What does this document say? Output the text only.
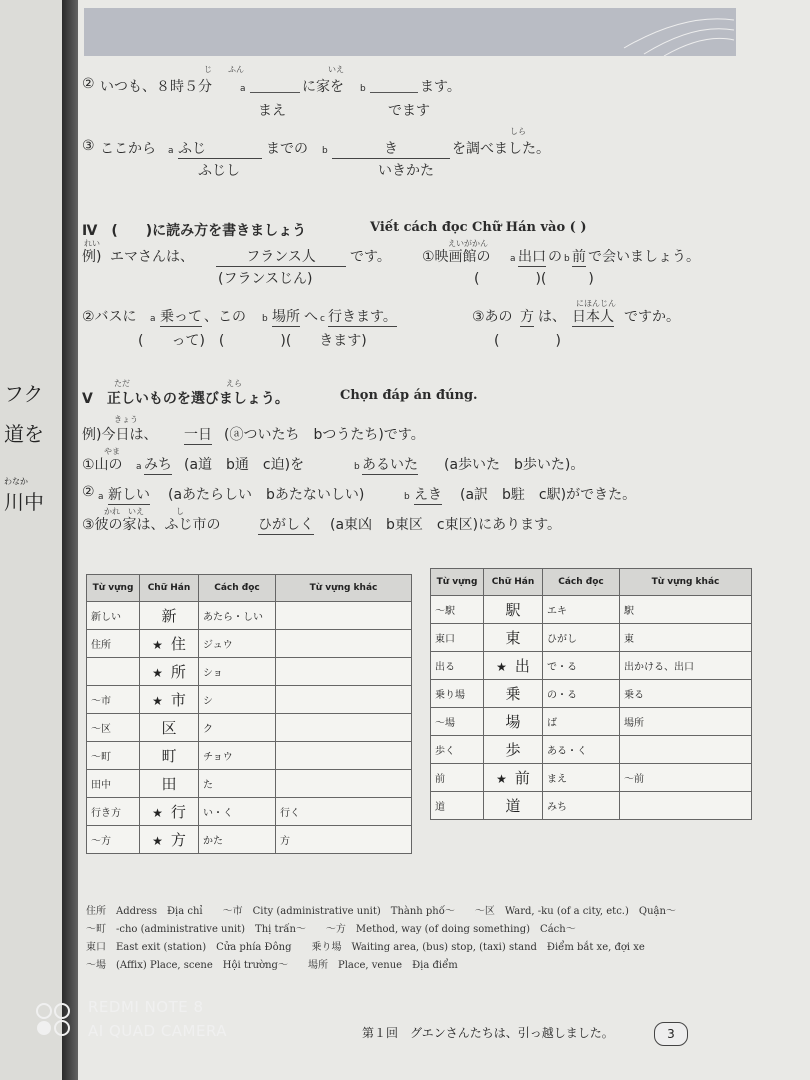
フク
道を
わなか
川中
じ ふん	いえ
② いつも、８時５分	a	に家を b	ます。
まえ	でます
しら
③ ここから a ふじ	までの b	き	を調べました。
ふじし	いきかた
Ⅳ　(　　)に読み方を書きましょう	Viết cách đọc Chữ Hán vào ( )
れい
例) エマさんは、	フランス人	です。
(フランスじん)
えいがかん
①映画館の a 出口 の b 前 で会いましょう。
(　　　　)(　　　)
②バスに a 乗って 、この b 場所 へ c 行きます。
(　　って)　(　　　　)(　　きます)
にほんじん
③あの 方 は、 日本人 ですか。
(　　　　)
ただ	えら
Ⅴ　正しいものを選びましょう。	Chọn đáp án đúng.
きょう
例)今日は、 一日 (ⓐついたち　bつうたち)です。
やま
①山の a みち (a道　b通　c迫)を	b あるいた (a歩いた　b歩いた)。
② a 新しい (aあたらしい　bあたないしい)	b えき (a訳　b駐　c駅)ができた。
かれ　いえ　　　　し
③彼の家は、ふじ市の	ひがしく (a東凶　b東区　c東区)にあります。
Từ vựng	Chữ Hán	Cách đọc	Từ vựng khác
新しい	新	あたら・しい	
住所	★ 住	ジュウ	
	★ 所	ショ	
～市	★ 市	シ	
～区	区	ク	
～町	町	チョウ	
田中	田	た	
行き方	★ 行	い・く	行く
～方	★ 方	かた	方
Từ vựng	Chữ Hán	Cách đọc	Từ vựng khác
～駅	駅	エキ	駅
東口	東	ひがし	東
出る	★ 出	で・る	出かける、出口
乗り場	乗	の・る	乗る
～場	場	ば	場所
歩く	歩	ある・く	
前	★ 前	まえ	～前
道	道	みち	
住所　Address　Địa chỉ　　～市　City (administrative unit)　Thành phố～　　～区　Ward, -ku (of a city, etc.)　Quận～
～町　-cho (administrative unit)　Thị trấn～　　～方　Method, way (of doing something)　Cách～
東口　East exit (station)　Cửa phía Đông　　乗り場　Waiting area, (bus) stop, (taxi) stand　Điểm bắt xe, đợi xe
～場　(Affix) Place, scene　Hội trường～　　場所　Place, venue　Địa điểm
第１回　グエンさんたちは、引っ越しました。	3
REDMI NOTE 8
AI QUAD CAMERA
